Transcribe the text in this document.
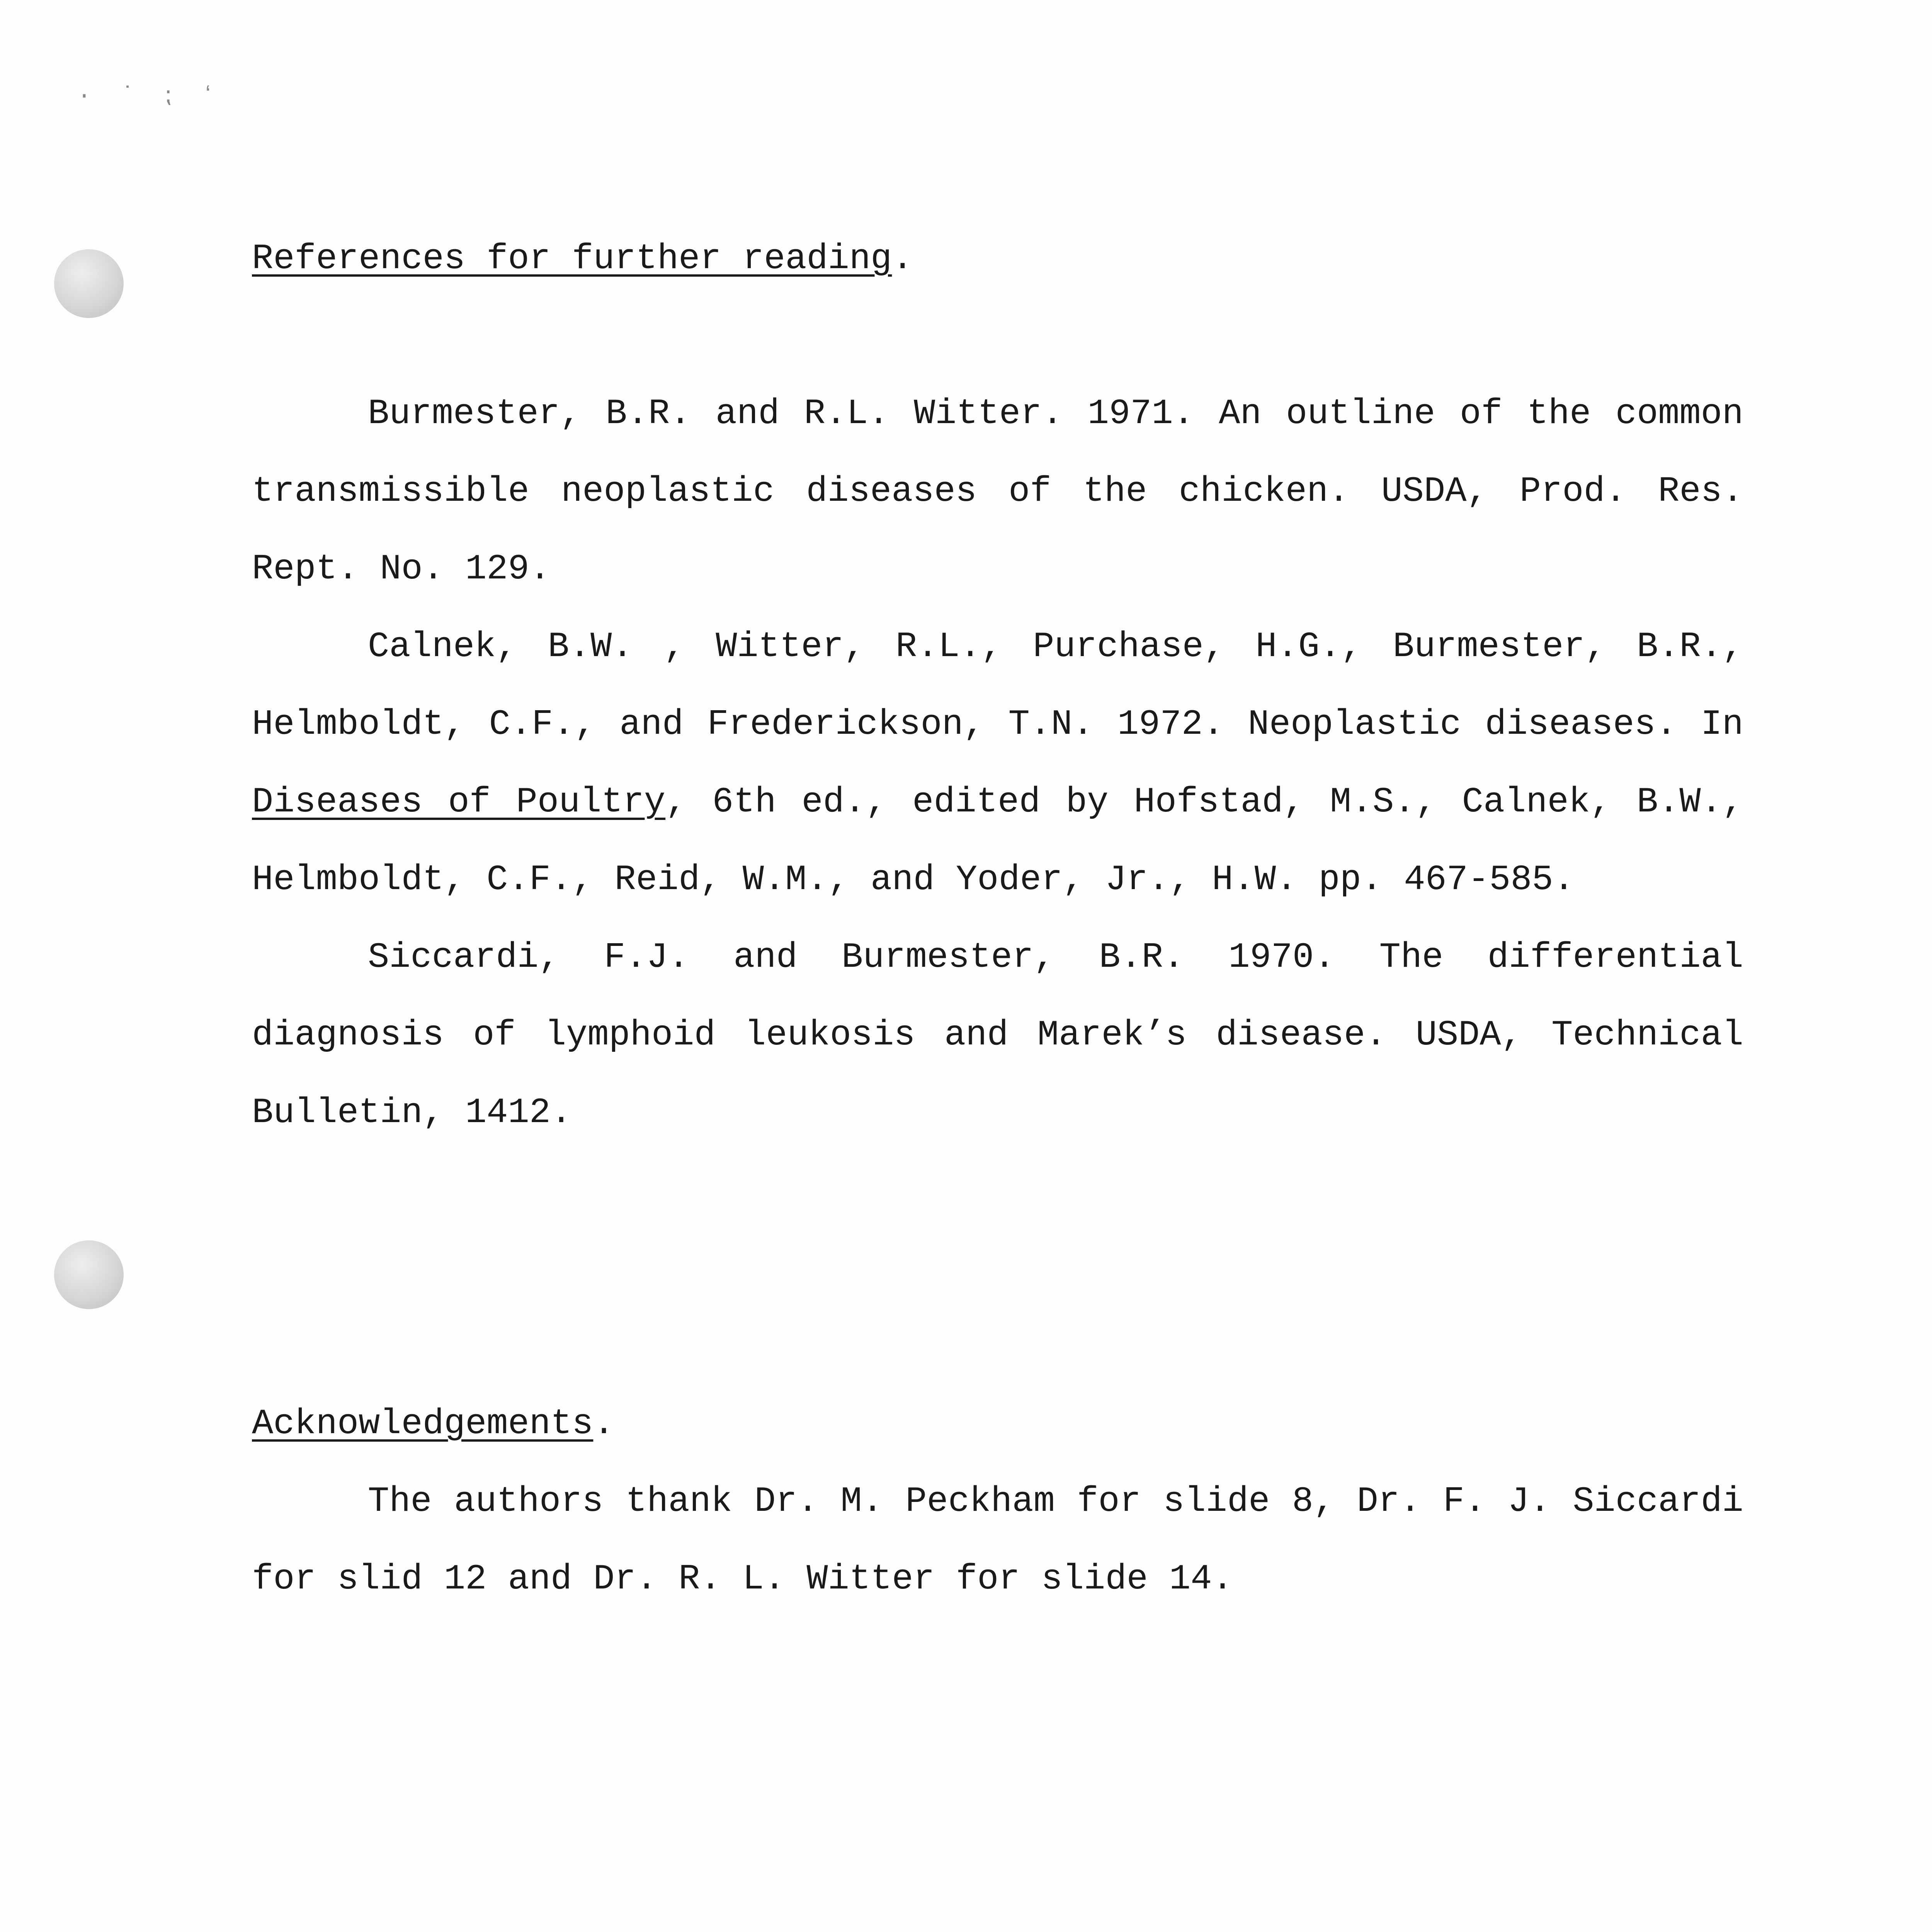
· ˙ ⁏ ʻ
References for further reading.

Burmester, B.R. and R.L. Witter. 1971. An outline of the common transmissible neoplastic diseases of the chicken. USDA, Prod. Res. Rept. No. 129.

Calnek, B.W. , Witter, R.L., Purchase, H.G., Burmester, B.R., Helmboldt, C.F., and Frederickson, T.N. 1972. Neoplastic diseases. In Diseases of Poultry, 6th ed., edited by Hofstad, M.S., Calnek, B.W., Helmboldt, C.F., Reid, W.M., and Yoder, Jr., H.W. pp. 467-585.

Siccardi, F.J. and Burmester, B.R. 1970. The differential diagnosis of lymphoid leukosis and Marek’s disease. USDA, Technical Bulletin, 1412.

Acknowledgements.

The authors thank Dr. M. Peckham for slide 8, Dr. F. J. Siccardi for slid 12 and Dr. R. L. Witter for slide 14.
